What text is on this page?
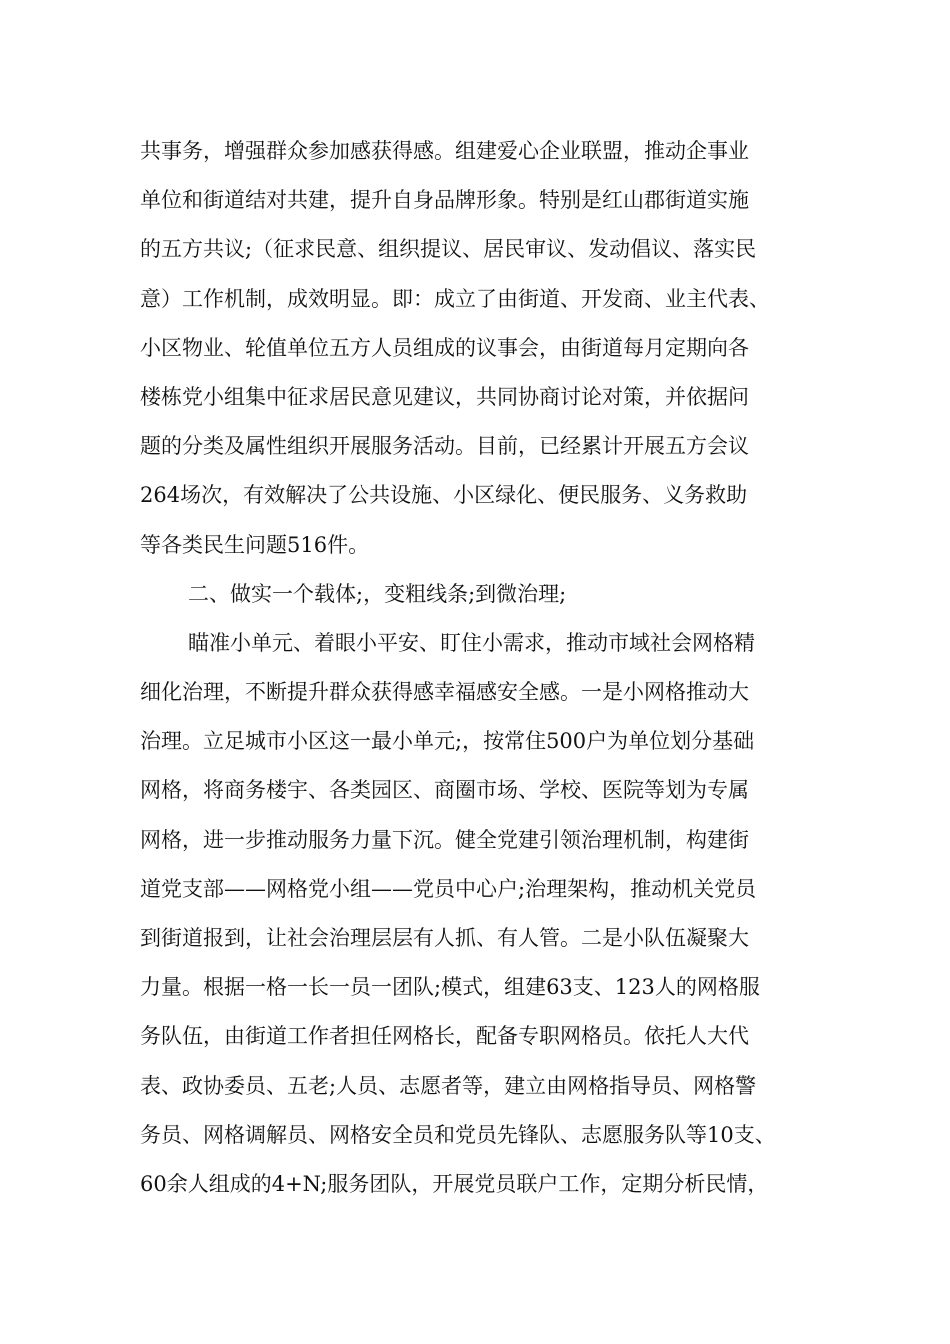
共事务，增强群众参加感获得感。组建爱心企业联盟，推动企事业
单位和街道结对共建，提升自身品牌形象。特别是红山郡街道实施
的五方共议;（征求民意、组织提议、居民审议、发动倡议、落实民
意）工作机制，成效明显。即：成立了由街道、开发商、业主代表、
小区物业、轮值单位五方人员组成的议事会，由街道每月定期向各
楼栋党小组集中征求居民意见建议，共同协商讨论对策，并依据问
题的分类及属性组织开展服务活动。目前，已经累计开展五方会议
264场次，有效解决了公共设施、小区绿化、便民服务、义务救助
等各类民生问题516件。
二、做实一个载体;，变粗线条;到微治理;
瞄准小单元、着眼小平安、盯住小需求，推动市域社会网格精
细化治理，不断提升群众获得感幸福感安全感。一是小网格推动大
治理。立足城市小区这一最小单元;，按常住500户为单位划分基础
网格，将商务楼宇、各类园区、商圈市场、学校、医院等划为专属
网格，进一步推动服务力量下沉。健全党建引领治理机制，构建街
道党支部——网格党小组——党员中心户;治理架构，推动机关党员
到街道报到，让社会治理层层有人抓、有人管。二是小队伍凝聚大
力量。根据一格一长一员一团队;模式，组建63支、123人的网格服
务队伍，由街道工作者担任网格长，配备专职网格员。依托人大代
表、政协委员、五老;人员、志愿者等，建立由网格指导员、网格警
务员、网格调解员、网格安全员和党员先锋队、志愿服务队等10支、
60余人组成的4+N;服务团队，开展党员联户工作，定期分析民情，
